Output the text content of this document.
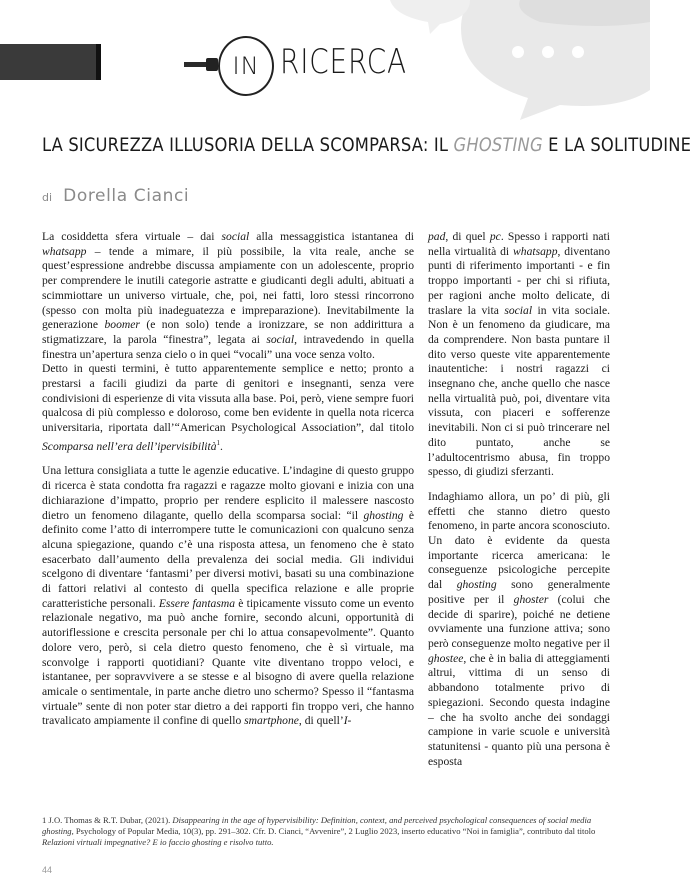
IN RICERCA
LA SICUREZZA ILLUSORIA DELLA SCOMPARSA: IL GHOSTING E LA SOLITUDINE
di Dorella Cianci

La cosiddetta sfera virtuale – dai social alla messaggistica istantanea di whatsapp – tende a mimare, il più possibile, la vita reale, anche se quest’espressione andrebbe discussa ampiamente con un adolescente, proprio per comprendere le inutili categorie astratte e giudicanti degli adulti, abituati a scimmiottare un universo virtuale, che, poi, nei fatti, loro stessi rincorrono (spesso con molta più inadeguatezza e impreparazione). Inevitabilmente la generazione boomer (e non solo) tende a ironizzare, se non addirittura a stigmatizzare, la parola “finestra”, legata ai social, intravedendo in quella finestra un’apertura senza cielo o in quei “vocali” una voce senza volto.

Detto in questi termini, è tutto apparentemente semplice e netto; pronto a prestarsi a facili giudizi da parte di genitori e insegnanti, senza vere condivisioni di esperienze di vita vissuta alla base. Poi, però, viene sempre fuori qualcosa di più complesso e doloroso, come ben evidente in quella nota ricerca universitaria, riportata dall’“American Psychological Association”, dal titolo Scomparsa nell’era dell’ipervisibilità$^1$.

Una lettura consigliata a tutte le agenzie educative. L’indagine di questo gruppo di ricerca è stata condotta fra ragazzi e ragazze molto giovani e inizia con una dichiarazione d’impatto, proprio per rendere esplicito il malessere nascosto dietro un fenomeno dilagante, quello della scomparsa social: “il ghosting è definito come l’atto di interrompere tutte le comunicazioni con qualcuno senza alcuna spiegazione, quando c’è una risposta attesa, un fenomeno che è stato esacerbato dall’aumento della prevalenza dei social media. Gli individui scelgono di diventare ‘fantasmi’ per diversi motivi, basati su una combinazione di fattori relativi al contesto di quella specifica relazione e alle proprie caratteristiche personali. Essere fantasma è tipicamente vissuto come un evento relazionale negativo, ma può anche fornire, secondo alcuni, opportunità di autoriflessione e crescita personale per chi lo attua consapevolmente”. Quanto dolore vero, però, si cela dietro questo fenomeno, che è sì virtuale, ma sconvolge i rapporti quotidiani? Quante vite diventano troppo veloci, e istantanee, per sopravvivere a se stesse e al bisogno di avere quella relazione amicale o sentimentale, in parte anche dietro uno schermo? Spesso il “fantasma virtuale” sente di non poter star dietro a dei rapporti fin troppo veri, che hanno travalicato ampiamente il confine di quello smartphone, di quell’I-

pad, di quel pc. Spesso i rapporti nati nella virtualità di whatsapp, diventano punti di riferimento importanti - e fin troppo importanti - per chi si rifiuta, per ragioni anche molto delicate, di traslare la vita social in vita sociale. Non è un fenomeno da giudicare, ma da comprendere. Non basta puntare il dito verso queste vite apparentemente inautentiche: i nostri ragazzi ci insegnano che, anche quello che nasce nella virtualità può, poi, diventare vita vissuta, con piaceri e sofferenze inevitabili. Non ci si può trincerare nel dito puntato, anche se l’adultocentrismo abusa, fin troppo spesso, di giudizi sferzanti.

Indaghiamo allora, un po’ di più, gli effetti che stanno dietro questo fenomeno, in parte ancora sconosciuto. Un dato è evidente da questa importante ricerca americana: le conseguenze psicologiche percepite dal ghosting sono generalmente positive per il ghoster (colui che decide di sparire), poiché ne detiene ovviamente una funzione attiva; sono però conseguenze molto negative per il ghostee, che è in balia di atteggiamenti altrui, vittima di un senso di abbandono totalmente privo di spiegazioni. Secondo questa indagine – che ha svolto anche dei sondaggi campione in varie scuole e università statunitensi - quanto più una persona è esposta

1 J.O. Thomas & R.T. Dubar, (2021). Disappearing in the age of hypervisibility: Definition, context, and perceived psychological consequences of social media ghosting, Psychology of Popular Media, 10(3), pp. 291–302. Cfr. D. Cianci, “Avvenire”, 2 Luglio 2023, inserto educativo “Noi in famiglia”, contributo dal titolo Relazioni virtuali impegnative? E io faccio ghosting e risolvo tutto.
44
